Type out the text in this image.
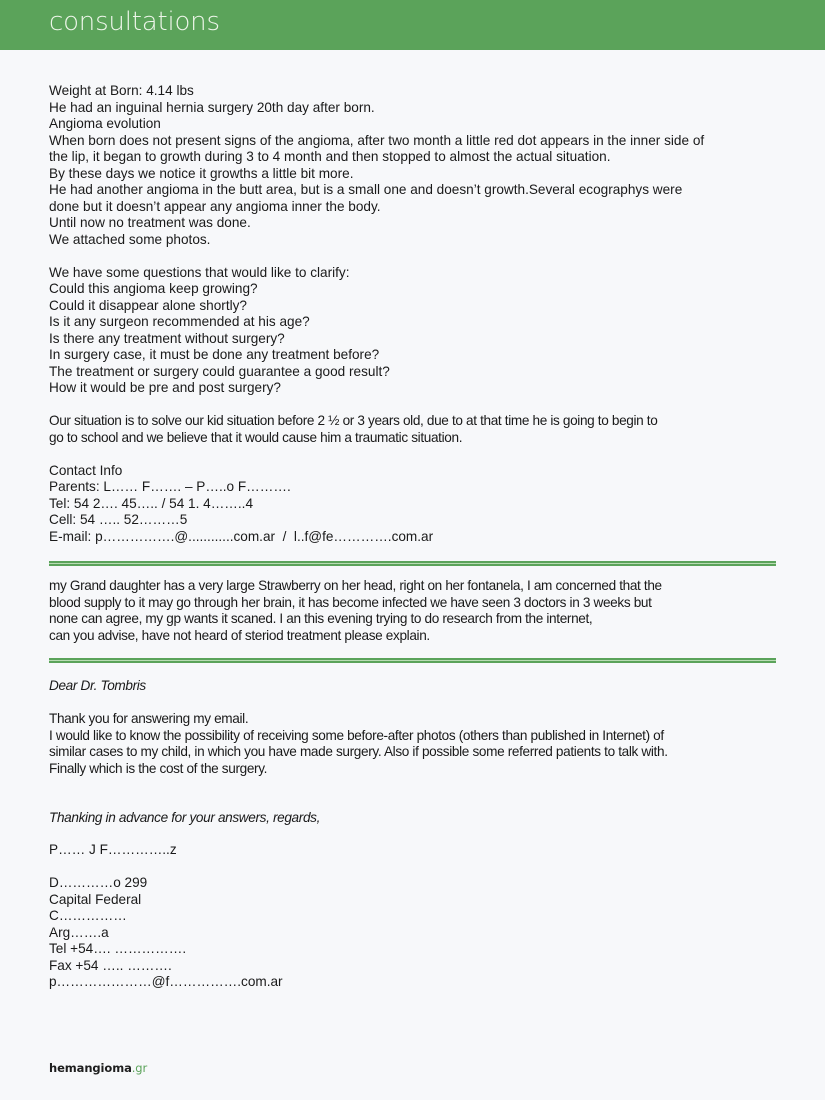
consultations
Weight at Born: 4.14 lbs
He had an inguinal hernia surgery 20th day after born.
Angioma evolution
When born does not present signs of the angioma, after two month a little red dot appears in the inner side of
the lip, it began to growth during 3 to 4 month and then stopped to almost the actual situation.
By these days we notice it growths a little bit more.
He had another angioma in the butt area, but is a small one and doesn’t growth.Several ecographys were
done but it doesn’t appear any angioma inner the body.
Until now no treatment was done.
We attached some photos.
We have some questions that would like to clarify:
Could this angioma keep growing?
Could it disappear alone shortly?
Is it any surgeon recommended at his age?
Is there any treatment without surgery?
In surgery case, it must be done any treatment before?
The treatment or surgery could guarantee a good result?
How it would be pre and post surgery?
Our situation is to solve our kid situation before 2 ½ or 3 years old, due to at that time he is going to begin to
go to school and we believe that it would cause him a traumatic situation.
Contact Info
Parents: L…… F……. – P…..o F……….
Tel: 54 2…. 45….. / 54 1. 4……..4
Cell: 54 ….. 52………5
E-mail: p…………….@............com.ar  /  l..f@fe………….com.ar
my Grand daughter has a very large Strawberry on her head, right on her fontanela, I am concerned that the
blood supply to it may go through her brain, it has become infected we have seen 3 doctors in 3 weeks but
none can agree, my gp wants it scaned. I an this evening trying to do research from the internet,
can you advise, have not heard of steriod treatment please explain.
Dear Dr. Tombris
Thank you for answering my email.
I would like to know the possibility of receiving some before-after photos (others than published in Internet) of
similar cases to my child, in which you have made surgery. Also if possible some referred patients to talk with.
Finally which is the cost of the surgery.
Thanking in advance for your answers, regards,
P…… J F…………..z
D…………o 299
Capital Federal
C……………
Arg…….a
Tel +54…. …………….
Fax +54 ….. ……….
p…………………@f…………….com.ar
hemangioma.gr
